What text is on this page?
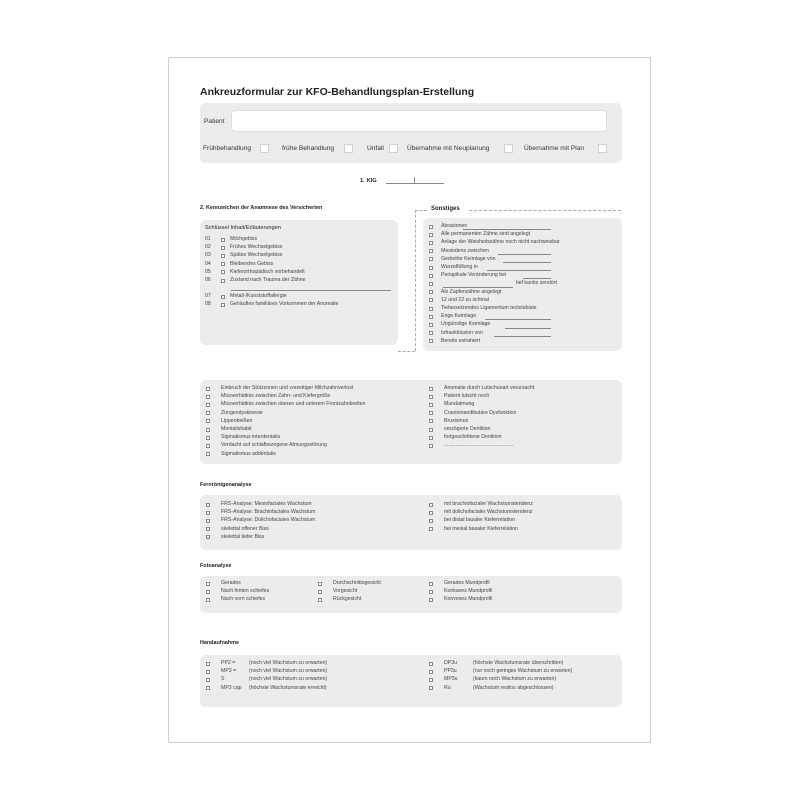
Ankreuzformular zur KFO-Behandlungsplan-Erstellung
Patient
Frühbehandlung	frühe Behandlung	Unfall	Übernahme mit Neuplanung	Übernahme mit Plan
1. KIG
2. Kennzeichen der Anamnese des Versicherten
Schlüssel Inhalt/Erläuterungen
01	Milchgebiss
02	Frühes Wechselgebiss
03	Spätes Wechselgebiss
04	Bleibendes Gebiss
05	Kieferorthopädisch vorbehandelt
06	Zustand nach Trauma der Zähne
07	Metall-/Kunststoffallergie
08	Gehäuftes familiäres Vorkommen der Anomalie
Sonstiges
Abrasionen
Alle permanenten Zähne sind angelegt
Anlage der Weisheitszähne noch nicht nachweisbar
Mesiodens zwischen
Gedrehte Keimlage von
Wurzelfüllung in
Periapikale Veränderung bei
tief kariös zerstört
Als Zapfenzähne angelegt
12 und 22 zu schmal
Tiefansetzendes Ligamentum tectolabiale
Enge Keimlage
Ungünstige Keimlage
Infraokklusion von
Bereits extrahiert
Einbruch der Stützzonen und vorzeitiger Milchzahnverlust
Missverhältnis zwischen Zahn- und Kiefergröße
Missverhältnis zwischen oberen und unterem Frontzahnbreiten
Zungendyskinesie
Lippenbeißen
Mentalishabit
Sigmatismus interdentalis
Verdacht auf schlafbezogene Atmungsstörung
Sigmatismus addentalis
Anomalie durch Lutschunart verursacht
Patient lutscht noch
Mundatmung
Craniomandibuläre Dysfunktion
Bruxismus
verzögerte Dentition
fortgeschrittene Dentition
................................................
Fernröntgenanalyse
FRS-Analyse: Mesiofaciales Wachstum
FRS-Analyse: Brachiofaciales Wachstum
FRS-Analyse: Dolichofaciales Wachstum
skelettal offener Biss
skelettal tiefer Biss
mit brachiofacialer Wachstumstendenz
mit dolichofacialer Wachstumstendenz
bei distal basaler Kieferrelation
bei mesial basaler Kieferrelation
Fotoanalyse
Gerades
Nach hinten schiefes
Nach vorn schiefes
Durchschnittsgesicht
Vorgesicht
Rückgesicht
Gerades Mundprofil
Konkaves Mundprofil
Konvexes Mundprofil
Handaufnahme
PP2 =	(noch viel Wachstum zu erwarten)
MP3 = (noch viel Wachstum zu erwarten)
S	(noch viel Wachstum zu erwarten)
MP3 cap (höchste Wachstumsrate erreicht)
DP3u	(höchste Wachstumsrate überschritten)
PP3u	(nur noch geringes Wachstum zu erwarten)
MP3u	(kaum noch Wachstum zu erwarten)
Ru	(Wachstum restlos abgeschlossen)
